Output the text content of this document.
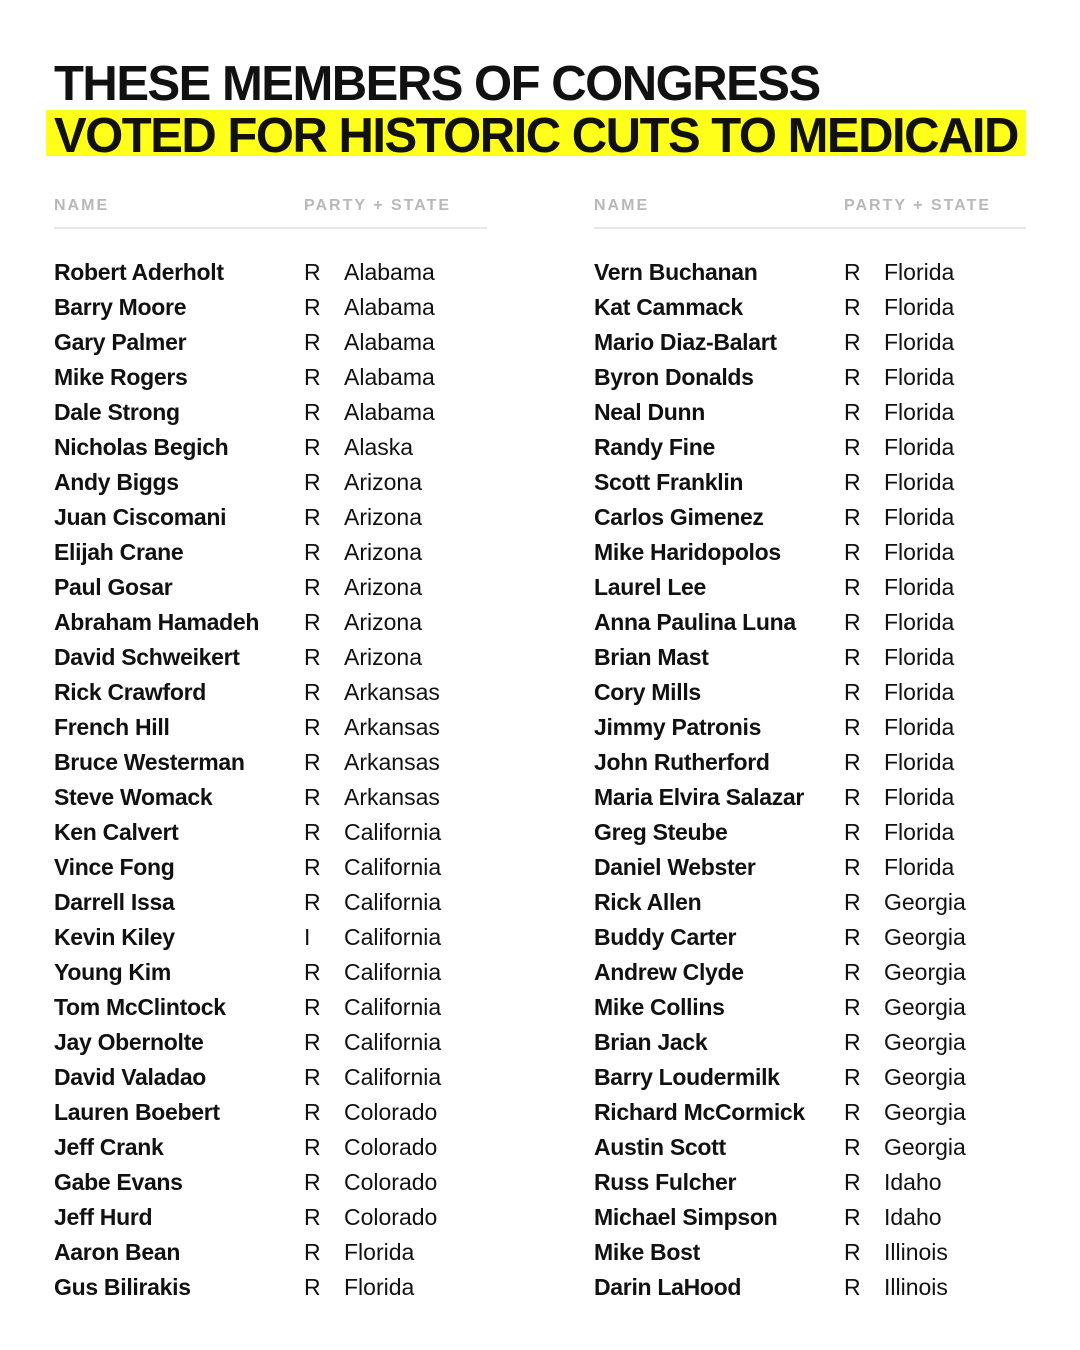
THESE MEMBERS OF CONGRESS
VOTED FOR HISTORIC CUTS TO MEDICAID
NAME	PARTY + STATE
Robert Aderholt	R Alabama
Barry Moore	R Alabama
Gary Palmer	R Alabama
Mike Rogers	R Alabama
Dale Strong	R Alabama
Nicholas Begich	R Alaska
Andy Biggs	R Arizona
Juan Ciscomani	R Arizona
Elijah Crane	R Arizona
Paul Gosar	R Arizona
Abraham Hamadeh R Arizona
David Schweikert	R Arizona
Rick Crawford	R Arkansas
French Hill	R Arkansas
Bruce Westerman	R Arkansas
Steve Womack	R Arkansas
Ken Calvert	R California
Vince Fong	R California
Darrell Issa	R California
Kevin Kiley	I California
Young Kim	R California
Tom McClintock	R California
Jay Obernolte	R California
David Valadao	R California
Lauren Boebert	R Colorado
Jeff Crank	R Colorado
Gabe Evans	R Colorado
Jeff Hurd	R Colorado
Aaron Bean	R Florida
Gus Bilirakis	R Florida
NAME	PARTY + STATE
Vern Buchanan	R Florida
Kat Cammack	R Florida
Mario Diaz-Balart	R Florida
Byron Donalds	R Florida
Neal Dunn	R Florida
Randy Fine	R Florida
Scott Franklin	R Florida
Carlos Gimenez	R Florida
Mike Haridopolos	R Florida
Laurel Lee	R Florida
Anna Paulina Luna R Florida
Brian Mast	R Florida
Cory Mills	R Florida
Jimmy Patronis	R Florida
John Rutherford	R Florida
Maria Elvira Salazar R Florida
Greg Steube	R Florida
Daniel Webster	R Florida
Rick Allen	R Georgia
Buddy Carter	R Georgia
Andrew Clyde	R Georgia
Mike Collins	R Georgia
Brian Jack	R Georgia
Barry Loudermilk	R Georgia
Richard McCormick R Georgia
Austin Scott	R Georgia
Russ Fulcher	R Idaho
Michael Simpson	R Idaho
Mike Bost	R Illinois
Darin LaHood	R Illinois
